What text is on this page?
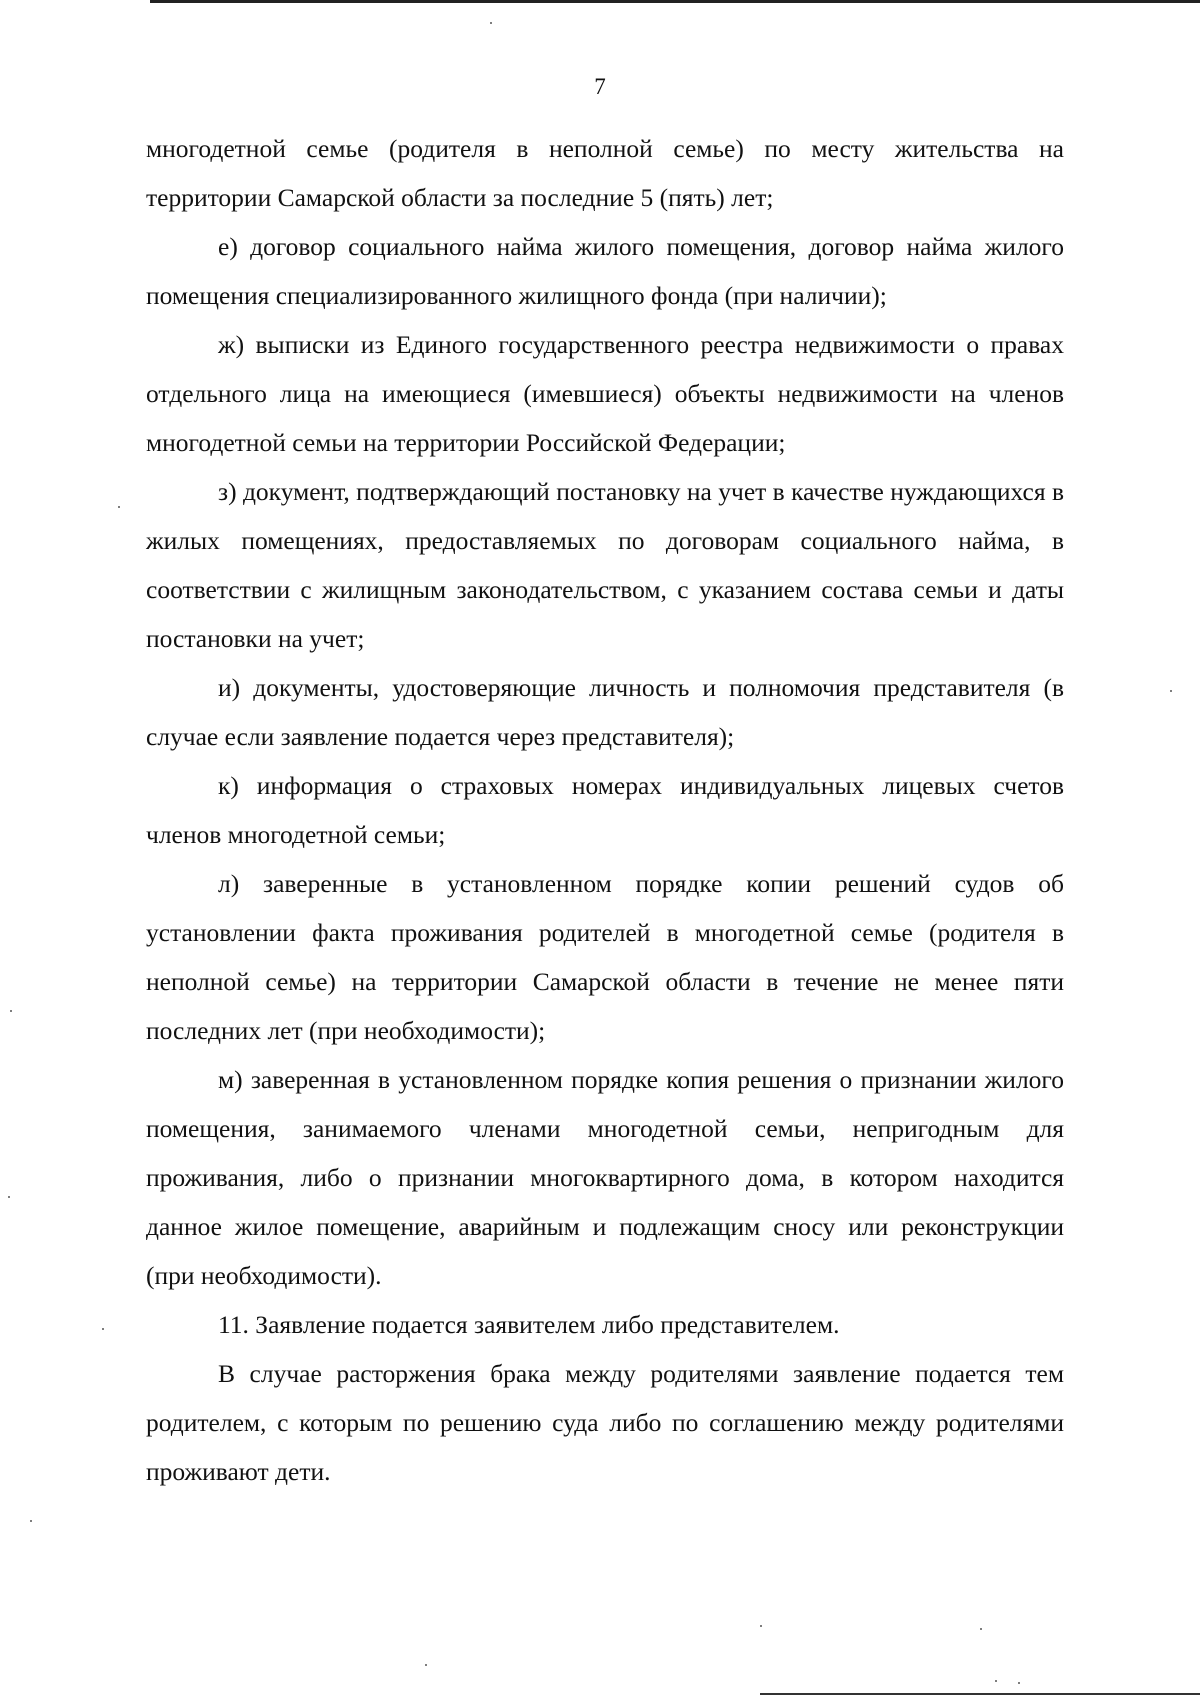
7

многодетной семье (родителя в неполной семье) по месту жительства на территории Самарской области за последние 5 (пять) лет;

е) договор социального найма жилого помещения, договор найма жилого помещения специализированного жилищного фонда (при наличии);

ж) выписки из Единого государственного реестра недвижимости о правах отдельного лица на имеющиеся (имевшиеся) объекты недвижимости на членов многодетной семьи на территории Российской Федерации;

з) документ, подтверждающий постановку на учет в качестве нуждающихся в жилых помещениях, предоставляемых по договорам социального найма, в соответствии с жилищным законодательством, с указанием состава семьи и даты постановки на учет;

и) документы, удостоверяющие личность и полномочия представителя (в случае если заявление подается через представителя);

к) информация о страховых номерах индивидуальных лицевых счетов членов многодетной семьи;

л) заверенные в установленном порядке копии решений судов об установлении факта проживания родителей в многодетной семье (родителя в неполной семье) на территории Самарской области в течение не менее пяти последних лет (при необходимости);

м) заверенная в установленном порядке копия решения о признании жилого помещения, занимаемого членами многодетной семьи, непригодным для проживания, либо о признании многоквартирного дома, в котором находится данное жилое помещение, аварийным и подлежащим сносу или реконструкции (при необходимости).

11. Заявление подается заявителем либо представителем.

В случае расторжения брака между родителями заявление подается тем родителем, с которым по решению суда либо по соглашению между родителями проживают дети.
